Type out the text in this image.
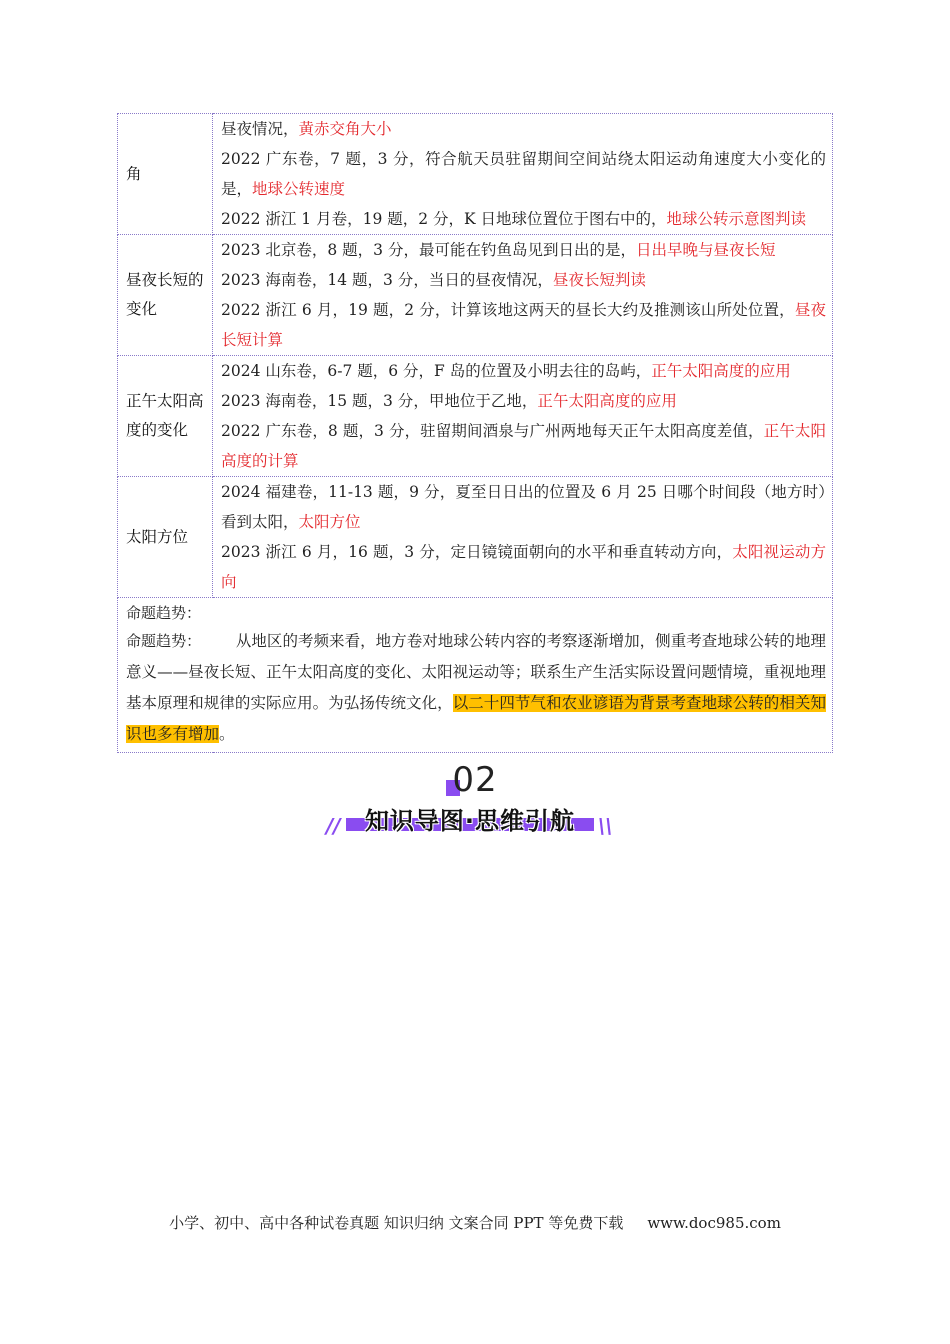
角	昼夜情况，黄赤交角大小
2022 广东卷，7 题，3 分，符合航天员驻留期间空间站绕太阳运动角速度大小变化的是，地球公转速度
2022 浙江 1 月卷，19 题，2 分，K 日地球位置位于图右中的，地球公转示意图判读

昼夜长短的变化	2023 北京卷，8 题，3 分，最可能在钓鱼岛见到日出的是，日出早晚与昼夜长短
2023 海南卷，14 题，3 分，当日的昼夜情况，昼夜长短判读
2022 浙江 6 月，19 题，2 分，计算该地这两天的昼长大约及推测该山所处位置，昼夜长短计算

正午太阳高度的变化	2024 山东卷，6-7 题，6 分，F 岛的位置及小明去往的岛屿，正午太阳高度的应用
2023 海南卷，15 题，3 分，甲地位于乙地，正午太阳高度的应用
2022 广东卷，8 题，3 分，驻留期间酒泉与广州两地每天正午太阳高度差值，正午太阳高度的计算

太阳方位	2024 福建卷，11-13 题，9 分，夏至日日出的位置及 6 月 25 日哪个时间段（地方时）看到太阳，太阳方位
2023 浙江 6 月，16 题，3 分，定日镜镜面朝向的水平和垂直转动方向，太阳视运动方向

命题趋势：
命题趋势： 从地区的考频来看，地方卷对地球公转内容的考察逐渐增加，侧重考查地球公转的地理意义——昼夜长短、正午太阳高度的变化、太阳视运动等；联系生产生活实际设置问题情境，重视地理基本原理和规律的实际应用。为弘扬传统文化，以二十四节气和农业谚语为背景考查地球公转的相关知识也多有增加。	
02
//	知识导图·思维引航	\\
小学、初中、高中各种试卷真题 知识归纳 文案合同 PPT 等免费下载 www.doc985.com
